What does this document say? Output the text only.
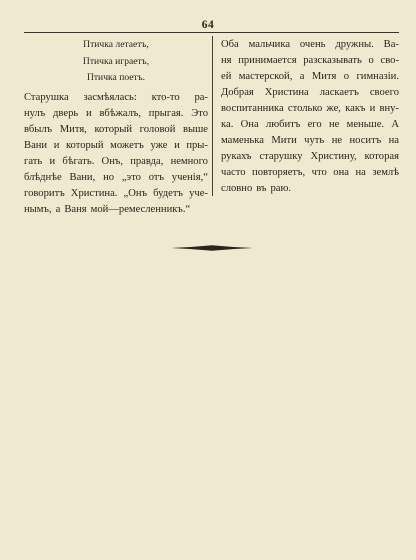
64
Птичка летаетъ,
Птичка играетъ,
Птичка поетъ.
Старушка засмѣялась: кто-то ра-
нулъ дверь и вбѣжалъ, прыгая. Это
вбылъ Митя, который головой выше
Вани и который можетъ уже и пры-
гать и бѣгать. Онъ, правда, немного
блѣднѣе Вани, но „это отъ ученія,“
говоритъ Христина. „Онъ будетъ уче-
нымъ, а Ваня мой—ремесленникъ.“
Оба мальчика очень дружны. Ва-
ня принимается разсказывать о сво-
ей мастерской, а Митя о гимназіи.
Добрая Христина ласкаетъ своего
воспитанника столько же, какъ и вну-
ка. Она любитъ его не меньше. А
маменька Мити чуть не носитъ на
рукахъ старушку Христину, которая
часто повторяетъ, что она на землѣ
словно въ раю.
